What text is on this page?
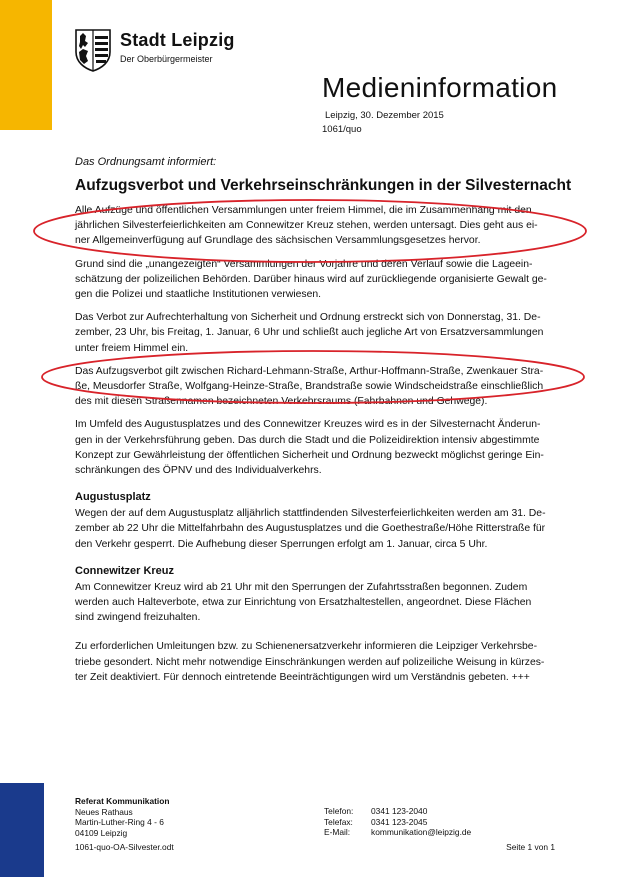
Stadt Leipzig
Der Oberbürgermeister
Medieninformation
Leipzig, 30. Dezember 2015
1061/quo
Das Ordnungsamt informiert:
Aufzugsverbot und Verkehrseinschränkungen in der Silvesternacht

Alle Aufzüge und öffentlichen Versammlungen unter freiem Himmel, die im Zusammenhang mit den
jährlichen Silvesterfeierlichkeiten am Connewitzer Kreuz stehen, werden untersagt. Dies geht aus ei-
ner Allgemeinverfügung auf Grundlage des sächsischen Versammlungsgesetzes hervor.

Grund sind die „unangezeigten“ Versammlungen der Vorjahre und deren Verlauf sowie die Lageein-
schätzung der polizeilichen Behörden. Darüber hinaus wird auf zurückliegende organisierte Gewalt ge-
gen die Polizei und staatliche Institutionen verwiesen.

Das Verbot zur Aufrechterhaltung von Sicherheit und Ordnung erstreckt sich von Donnerstag, 31. De-
zember, 23 Uhr, bis Freitag, 1. Januar, 6 Uhr und schließt auch jegliche Art von Ersatzversammlungen
unter freiem Himmel ein.

Das Aufzugsverbot gilt zwischen Richard-Lehmann-Straße, Arthur-Hoffmann-Straße, Zwenkauer Stra-
ße, Meusdorfer Straße, Wolfgang-Heinze-Straße, Brandstraße sowie Windscheidstraße einschließlich
des mit diesen Straßennamen bezeichneten Verkehrsraums (Fahrbahnen und Gehwege).

Im Umfeld des Augustusplatzes und des Connewitzer Kreuzes wird es in der Silvesternacht Änderun-
gen in der Verkehrsführung geben. Das durch die Stadt und die Polizeidirektion intensiv abgestimmte
Konzept zur Gewährleistung der öffentlichen Sicherheit und Ordnung bezweckt möglichst geringe Ein-
schränkungen des ÖPNV und des Individualverkehrs.

Augustusplatz

Wegen der auf dem Augustusplatz alljährlich stattfindenden Silvesterfeierlichkeiten werden am 31. De-
zember ab 22 Uhr die Mittelfahrbahn des Augustusplatzes und die Goethestraße/Höhe Ritterstraße für
den Verkehr gesperrt. Die Aufhebung dieser Sperrungen erfolgt am 1. Januar, circa 5 Uhr.

Connewitzer Kreuz

Am Connewitzer Kreuz wird ab 21 Uhr mit den Sperrungen der Zufahrtsstraßen begonnen. Zudem
werden auch Halteverbote, etwa zur Einrichtung von Ersatzhaltestellen, angeordnet. Diese Flächen
sind zwingend freizuhalten.

Zu erforderlichen Umleitungen bzw. zu Schienenersatzverkehr informieren die Leipziger Verkehrsbe-
triebe gesondert. Nicht mehr notwendige Einschränkungen werden auf polizeiliche Weisung in kürzes-
ter Zeit deaktiviert. Für dennoch eintretende Beeinträchtigungen wird um Verständnis gebeten. +++

Referat Kommunikation
Neues Rathaus
Martin-Luther-Ring 4 - 6
04109 Leipzig
Telefon:	0341 123-2040
Telefax:	0341 123-2045
E-Mail:	kommunikation@leipzig.de
1061-quo-OA-Silvester.odt	Seite 1 von 1
